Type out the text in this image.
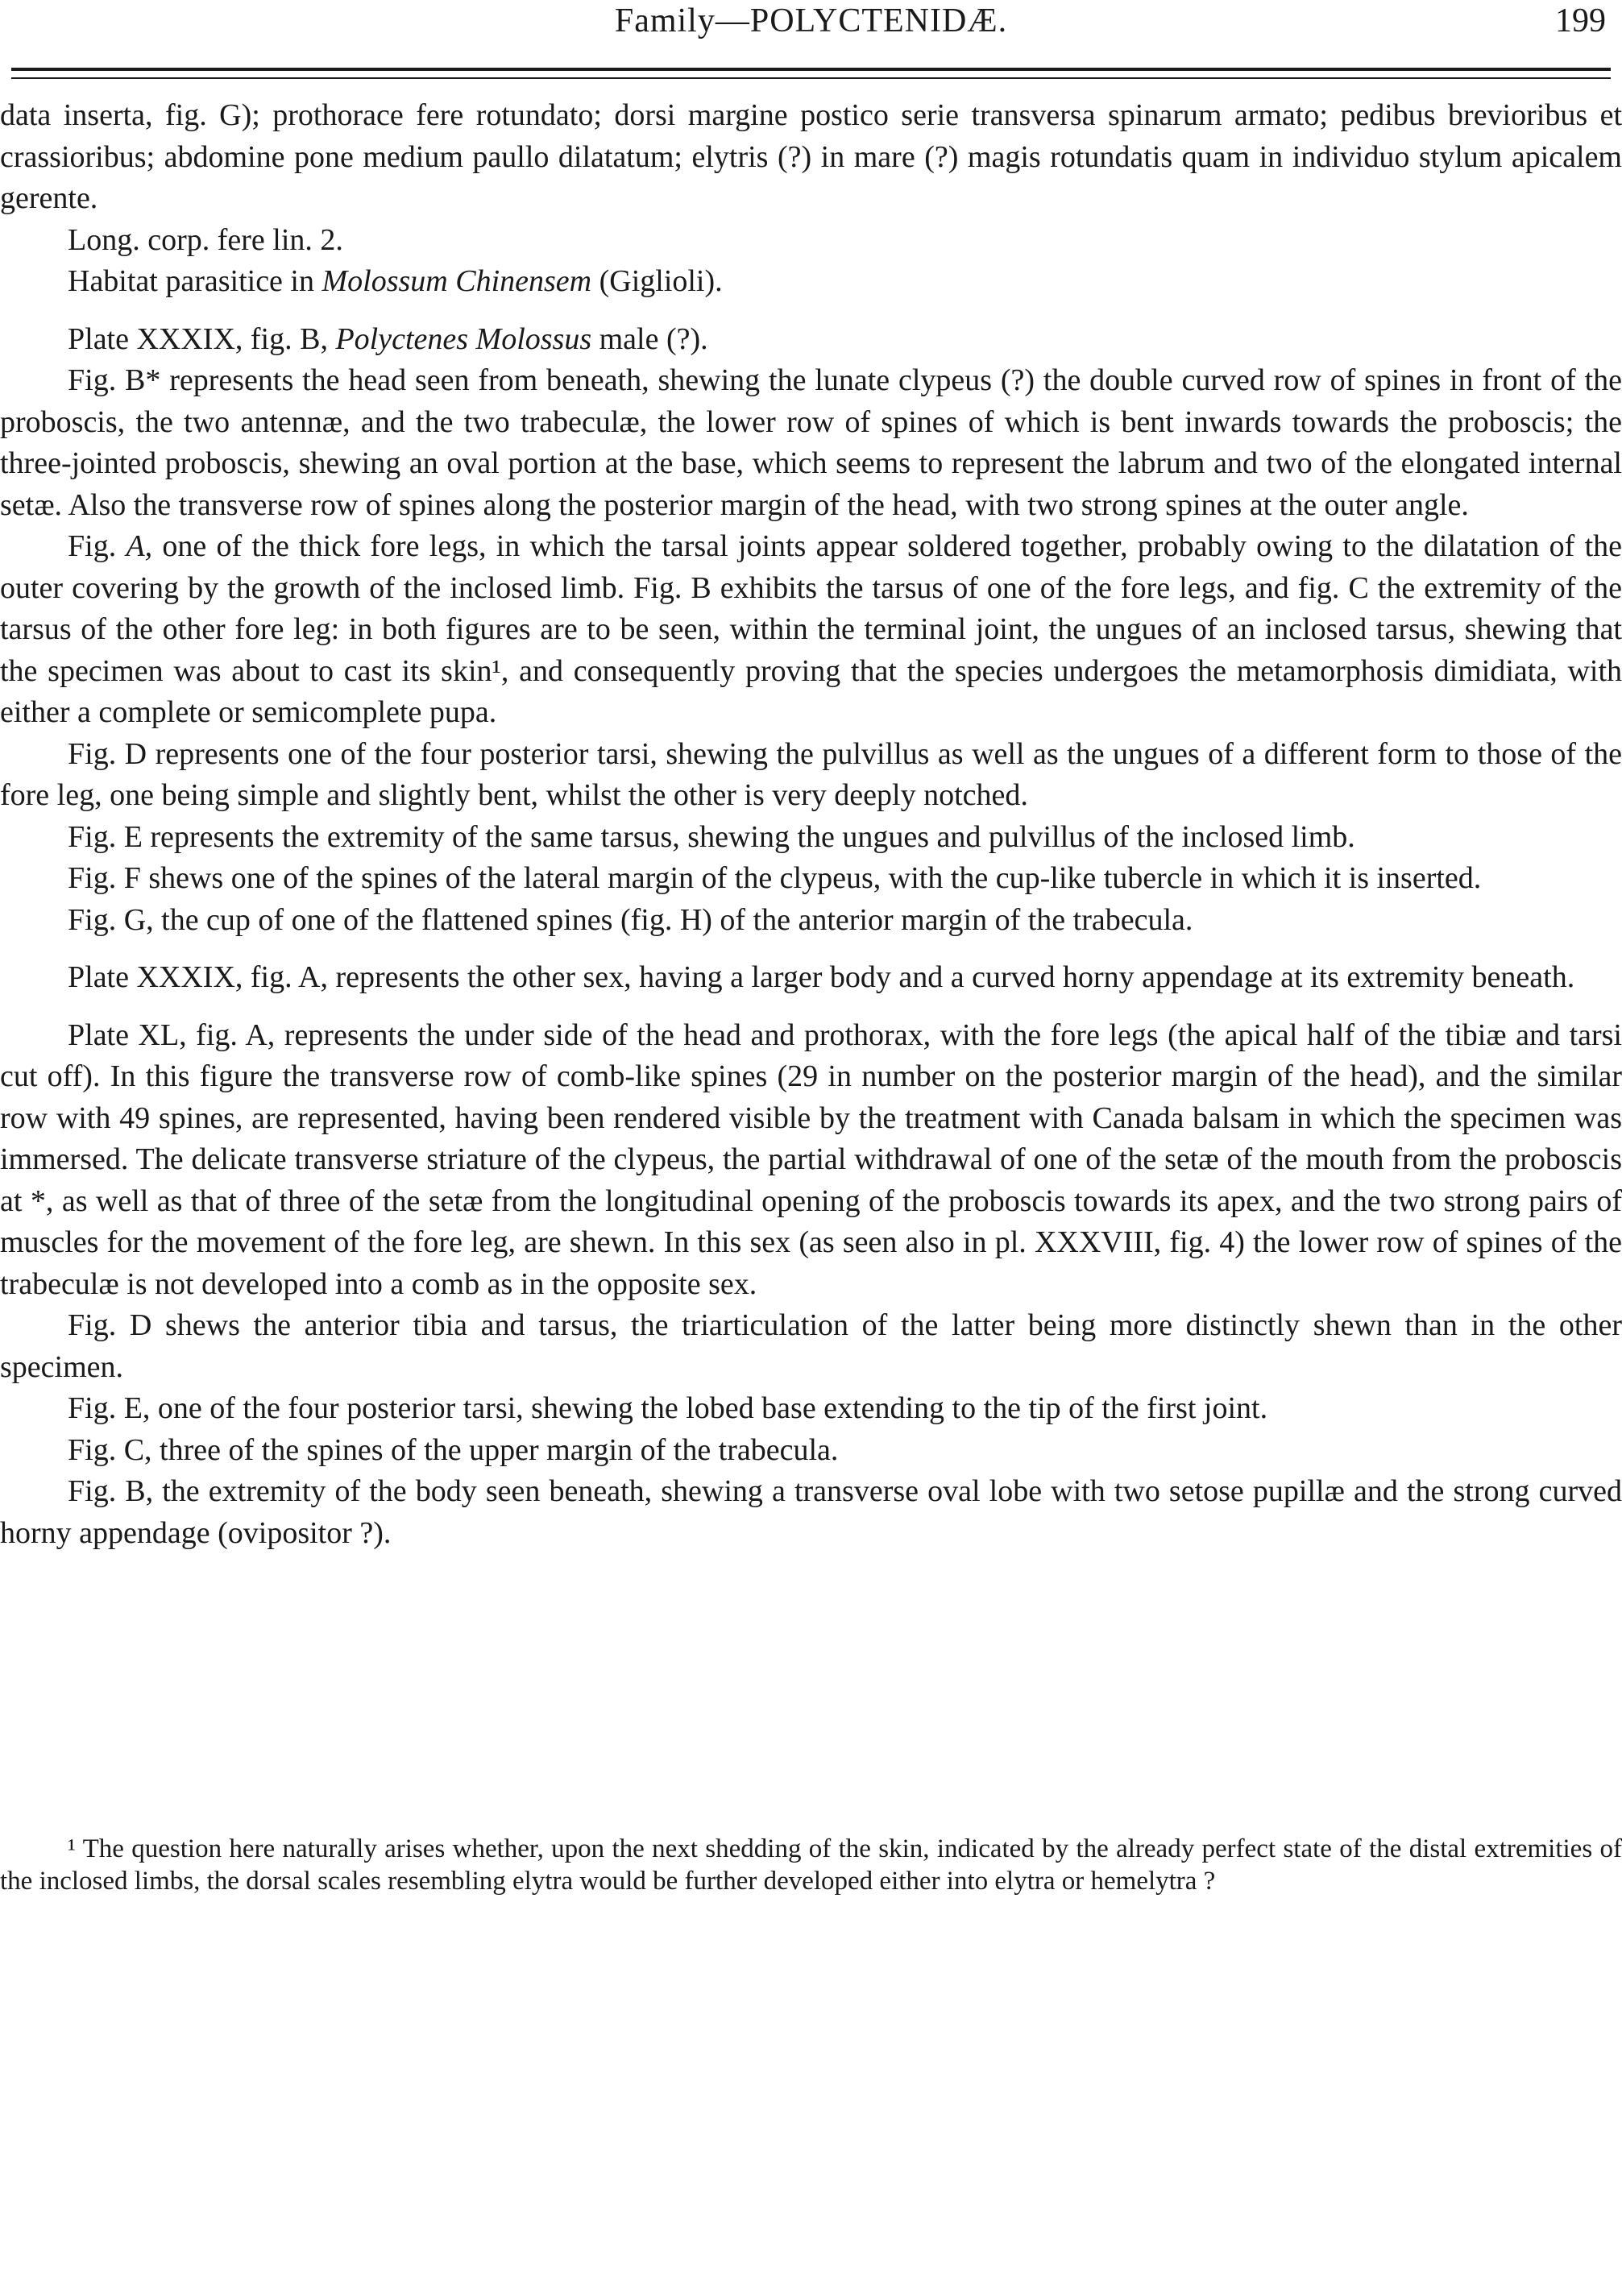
Family—POLYCTENIDÆ.	199

data inserta, fig. G); prothorace fere rotundato; dorsi margine postico serie transversa spinarum armato; pedibus brevioribus et crassioribus; abdomine pone medium paullo dilatatum; elytris (?) in mare (?) magis rotundatis quam in individuo stylum apicalem gerente.

Long. corp. fere lin. 2.

Habitat parasitice in Molossum Chinensem (Giglioli).

Plate XXXIX, fig. B, Polyctenes Molossus male (?).

Fig. B* represents the head seen from beneath, shewing the lunate clypeus (?) the double curved row of spines in front of the proboscis, the two antennæ, and the two trabeculæ, the lower row of spines of which is bent inwards towards the proboscis; the three-jointed proboscis, shewing an oval portion at the base, which seems to represent the labrum and two of the elongated internal setæ. Also the transverse row of spines along the posterior margin of the head, with two strong spines at the outer angle.

Fig. A, one of the thick fore legs, in which the tarsal joints appear soldered together, probably owing to the dilatation of the outer covering by the growth of the inclosed limb. Fig. B exhibits the tarsus of one of the fore legs, and fig. C the extremity of the tarsus of the other fore leg: in both figures are to be seen, within the terminal joint, the ungues of an inclosed tarsus, shewing that the specimen was about to cast its skin¹, and consequently proving that the species undergoes the metamorphosis dimidiata, with either a complete or semicomplete pupa.

Fig. D represents one of the four posterior tarsi, shewing the pulvillus as well as the ungues of a different form to those of the fore leg, one being simple and slightly bent, whilst the other is very deeply notched.

Fig. E represents the extremity of the same tarsus, shewing the ungues and pulvillus of the inclosed limb.

Fig. F shews one of the spines of the lateral margin of the clypeus, with the cup-like tubercle in which it is inserted.

Fig. G, the cup of one of the flattened spines (fig. H) of the anterior margin of the trabecula.

Plate XXXIX, fig. A, represents the other sex, having a larger body and a curved horny appendage at its extremity beneath.

Plate XL, fig. A, represents the under side of the head and prothorax, with the fore legs (the apical half of the tibiæ and tarsi cut off). In this figure the transverse row of comb-like spines (29 in number on the posterior margin of the head), and the similar row with 49 spines, are represented, having been rendered visible by the treatment with Canada balsam in which the specimen was immersed. The delicate transverse striature of the clypeus, the partial withdrawal of one of the setæ of the mouth from the proboscis at *, as well as that of three of the setæ from the longitudinal opening of the proboscis towards its apex, and the two strong pairs of muscles for the movement of the fore leg, are shewn. In this sex (as seen also in pl. XXXVIII, fig. 4) the lower row of spines of the trabeculæ is not developed into a comb as in the opposite sex.

Fig. D shews the anterior tibia and tarsus, the triarticulation of the latter being more distinctly shewn than in the other specimen.

Fig. E, one of the four posterior tarsi, shewing the lobed base extending to the tip of the first joint.

Fig. C, three of the spines of the upper margin of the trabecula.

Fig. B, the extremity of the body seen beneath, shewing a transverse oval lobe with two setose pupillæ and the strong curved horny appendage (ovipositor ?).

¹ The question here naturally arises whether, upon the next shedding of the skin, indicated by the already perfect state of the distal extremities of the inclosed limbs, the dorsal scales resembling elytra would be further developed either into elytra or hemelytra ?
